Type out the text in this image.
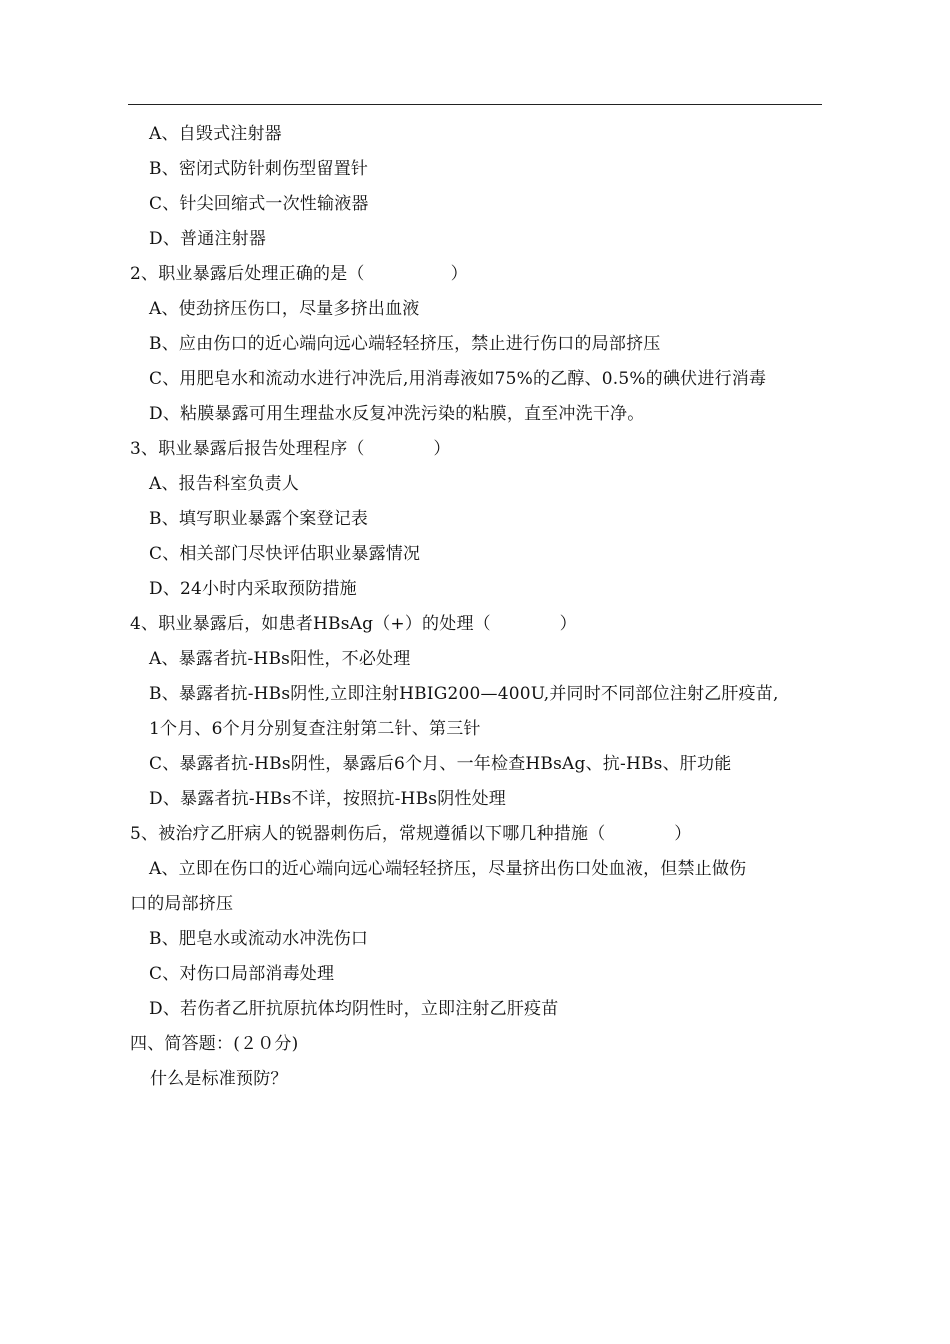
A、自毁式注射器
B、密闭式防针刺伤型留置针
C、针尖回缩式一次性输液器
D、普通注射器
2、职业暴露后处理正确的是（　　　　　）
A、使劲挤压伤口，尽量多挤出血液
B、应由伤口的近心端向远心端轻轻挤压，禁止进行伤口的局部挤压
C、用肥皂水和流动水进行冲洗后,用消毒液如75%的乙醇、0.5%的碘伏进行消毒
D、粘膜暴露可用生理盐水反复冲洗污染的粘膜，直至冲洗干净。
3、职业暴露后报告处理程序（　　　　）
A、报告科室负责人
B、填写职业暴露个案登记表
C、相关部门尽快评估职业暴露情况
D、24小时内采取预防措施
4、职业暴露后，如患者HBsAg（+）的处理（　　　　）
A、暴露者抗-HBs阳性，不必处理
B、暴露者抗-HBs阴性,立即注射HBIG200—400U,并同时不同部位注射乙肝疫苗,
1个月、6个月分别复查注射第二针、第三针
C、暴露者抗-HBs阴性，暴露后6个月、一年检查HBsAg、抗-HBs、肝功能
D、暴露者抗-HBs不详，按照抗-HBs阴性处理
5、被治疗乙肝病人的锐器刺伤后，常规遵循以下哪几种措施（　　　　）
A、立即在伤口的近心端向远心端轻轻挤压，尽量挤出伤口处血液，但禁止做伤
口的局部挤压
B、肥皂水或流动水冲洗伤口
C、对伤口局部消毒处理
D、若伤者乙肝抗原抗体均阴性时，立即注射乙肝疫苗
四、简答题：(２０分)
什么是标准预防？
